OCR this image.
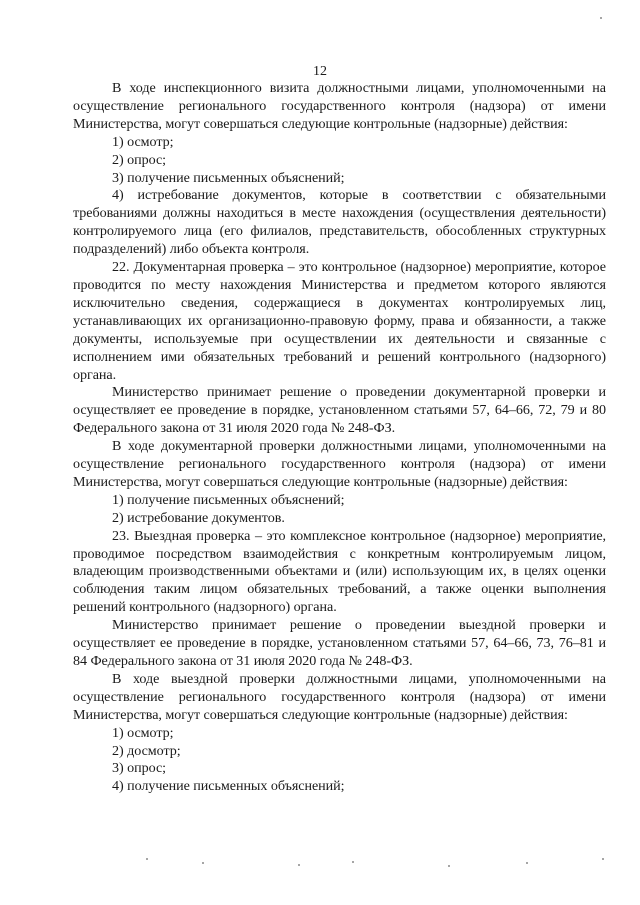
12

В ходе инспекционного визита должностными лицами, уполномоченными на осуществление регионального государственного контроля (надзора) от имени Министерства, могут совершаться следующие контрольные (надзорные) действия:

1) осмотр;

2) опрос;

3) получение письменных объяснений;

4) истребование документов, которые в соответствии с обязательными требованиями должны находиться в месте нахождения (осуществления деятельности) контролируемого лица (его филиалов, представительств, обособленных структурных подразделений) либо объекта контроля.

22. Документарная проверка – это контрольное (надзорное) мероприятие, которое проводится по месту нахождения Министерства и предметом которого являются исключительно сведения, содержащиеся в документах контролируемых лиц, устанавливающих их организационно-правовую форму, права и обязанности, а также документы, используемые при осуществлении их деятельности и связанные с исполнением ими обязательных требований и решений контрольного (надзорного) органа.

Министерство принимает решение о проведении документарной проверки и осуществляет ее проведение в порядке, установленном статьями 57, 64–66, 72, 79 и 80 Федерального закона от 31 июля 2020 года № 248-ФЗ.

В ходе документарной проверки должностными лицами, уполномоченными на осуществление регионального государственного контроля (надзора) от имени Министерства, могут совершаться следующие контрольные (надзорные) действия:

1) получение письменных объяснений;

2) истребование документов.

23. Выездная проверка – это комплексное контрольное (надзорное) мероприятие, проводимое посредством взаимодействия с конкретным контролируемым лицом, владеющим производственными объектами и (или) использующим их, в целях оценки соблюдения таким лицом обязательных требований, а также оценки выполнения решений контрольного (надзорного) органа.

Министерство принимает решение о проведении выездной проверки и осуществляет ее проведение в порядке, установленном статьями 57, 64–66, 73, 76–81 и 84 Федерального закона от 31 июля 2020 года № 248-ФЗ.

В ходе выездной проверки должностными лицами, уполномоченными на осуществление регионального государственного контроля (надзора) от имени Министерства, могут совершаться следующие контрольные (надзорные) действия:

1) осмотр;

2) досмотр;

3) опрос;

4) получение письменных объяснений;
